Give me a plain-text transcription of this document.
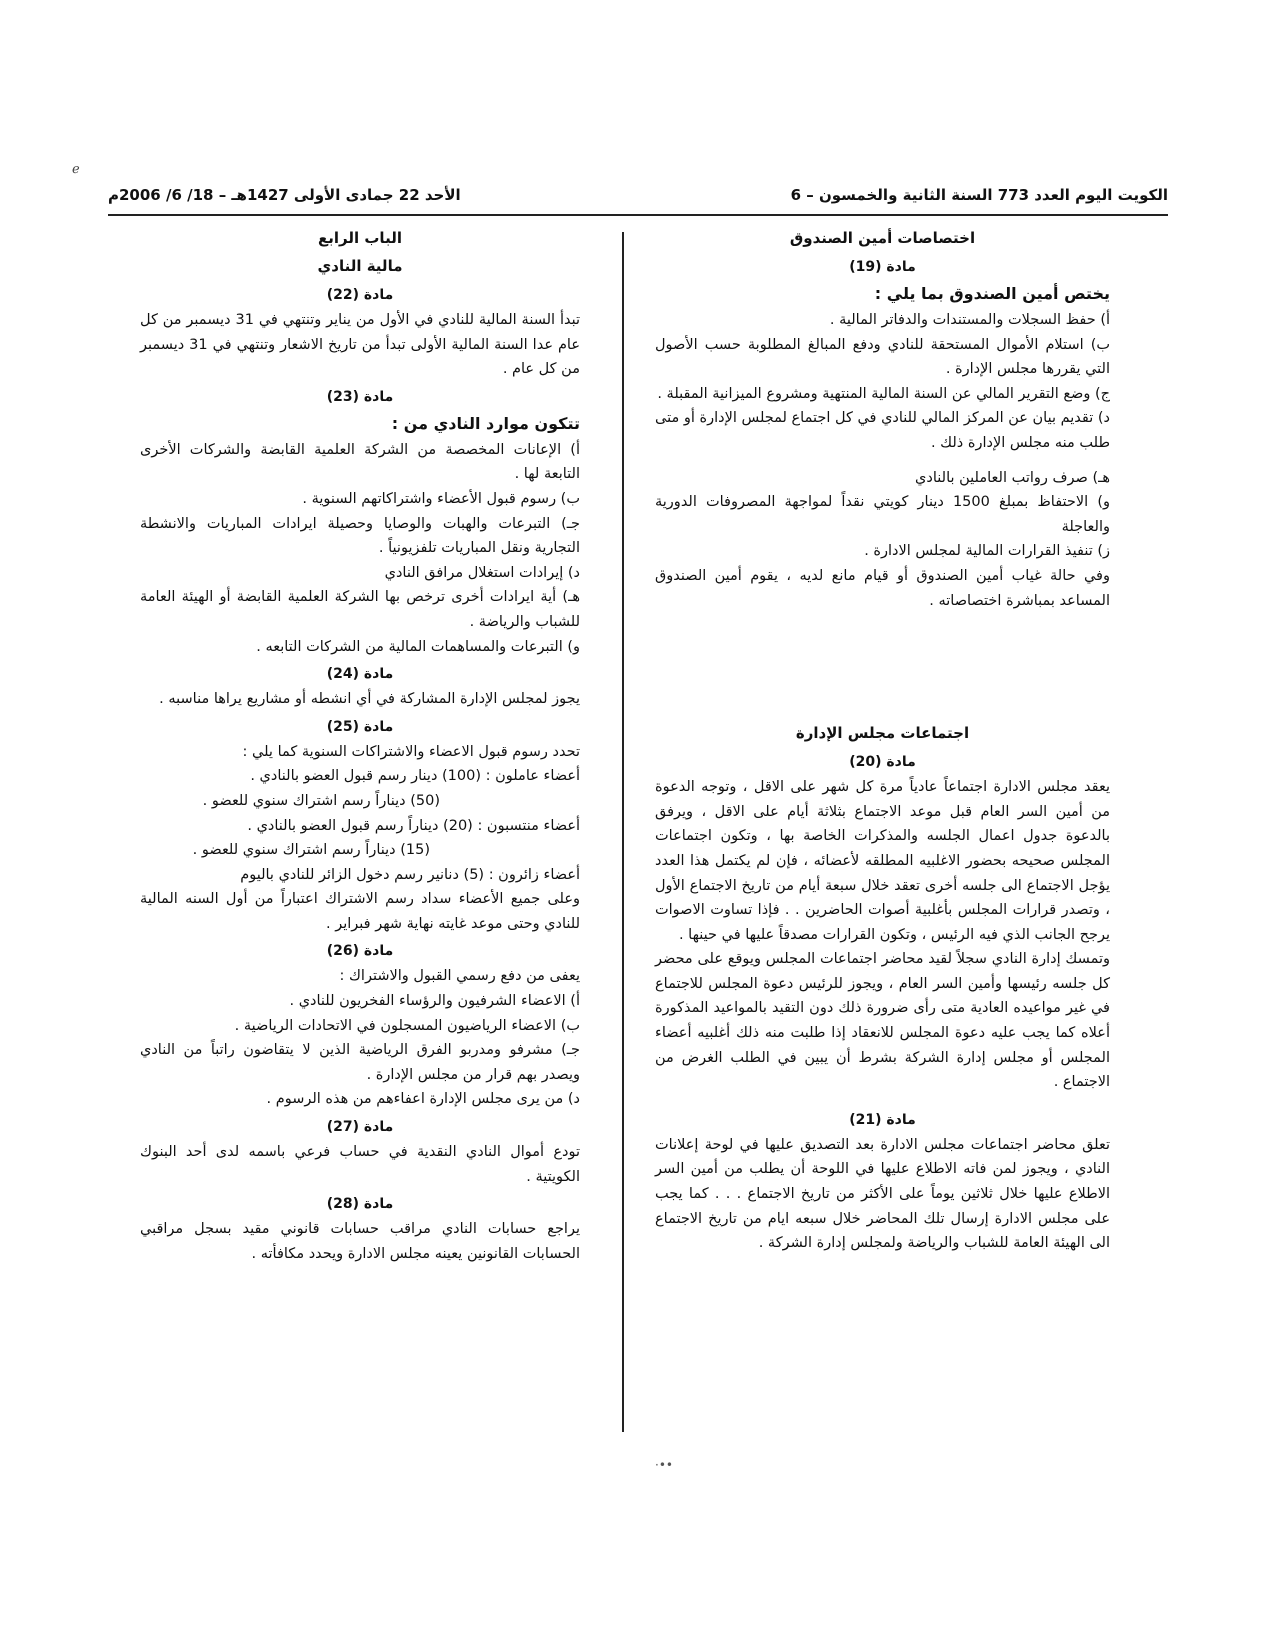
ℯ
الكويت اليوم العدد 773 السنة الثانية والخمسون – 6
الأحد 22 جمادى الأولى 1427هـ – 18/ 6/ 2006م

اختصاصات أمين الصندوق

مادة (19)

يختص أمين الصندوق بما يلي :

أ) حفظ السجلات والمستندات والدفاتر المالية .

ب) استلام الأموال المستحقة للنادي ودفع المبالغ المطلوبة حسب الأصول التي يقررها مجلس الإدارة .

ج) وضع التقرير المالي عن السنة المالية المنتهية ومشروع الميزانية المقبلة .

د) تقديم بيان عن المركز المالي للنادي في كل اجتماع لمجلس الإدارة أو متى طلب منه مجلس الإدارة ذلك .

هـ) صرف رواتب العاملين بالنادي

و) الاحتفاظ بمبلغ 1500 دينار كويتي نقداً لمواجهة المصروفات الدورية والعاجلة

ز) تنفيذ القرارات المالية لمجلس الادارة .

وفي حالة غياب أمين الصندوق أو قيام مانع لديه ، يقوم أمين الصندوق المساعد بمباشرة اختصاصاته .

اجتماعات مجلس الإدارة

مادة (20)

يعقد مجلس الادارة اجتماعاً عادياً مرة كل شهر على الاقل ، وتوجه الدعوة من أمين السر العام قبل موعد الاجتماع بثلاثة أيام على الاقل ، ويرفق بالدعوة جدول اعمال الجلسه والمذكرات الخاصة بها ، وتكون اجتماعات المجلس صحيحه بحضور الاغلبيه المطلقه لأعضائه ، فإن لم يكتمل هذا العدد يؤجل الاجتماع الى جلسه أخرى تعقد خلال سبعة أيام من تاريخ الاجتماع الأول ، وتصدر قرارات المجلس بأغلبية أصوات الحاضرين . . فإذا تساوت الاصوات يرجح الجانب الذي فيه الرئيس ، وتكون القرارات مصدقاً عليها في حينها .

وتمسك إدارة النادي سجلاً لقيد محاضر اجتماعات المجلس ويوقع على محضر كل جلسه رئيسها وأمين السر العام ، ويجوز للرئيس دعوة المجلس للاجتماع في غير مواعيده العادية متى رأى ضرورة ذلك دون التقيد بالمواعيد المذكورة أعلاه كما يجب عليه دعوة المجلس للانعقاد إذا طلبت منه ذلك أغلبيه أعضاء المجلس أو مجلس إدارة الشركة بشرط أن يبين في الطلب الغرض من الاجتماع .

مادة (21)

تعلق محاضر اجتماعات مجلس الادارة بعد التصديق عليها في لوحة إعلانات النادي ، ويجوز لمن فاته الاطلاع عليها في اللوحة أن يطلب من أمين السر الاطلاع عليها خلال ثلاثين يوماً على الأكثر من تاريخ الاجتماع . . . كما يجب على مجلس الادارة إرسال تلك المحاضر خلال سبعه ايام من تاريخ الاجتماع الى الهيئة العامة للشباب والرياضة ولمجلس إدارة الشركة .

الباب الرابع

مالية النادي

مادة (22)

تبدأ السنة المالية للنادي في الأول من يناير وتنتهي في 31 ديسمبر من كل عام عدا السنة المالية الأولى تبدأ من تاريخ الاشعار وتنتهي في 31 ديسمبر من كل عام .

مادة (23)

تتكون موارد النادي من :

أ) الإعانات المخصصة من الشركة العلمية القابضة والشركات الأخرى التابعة لها .

ب) رسوم قبول الأعضاء واشتراكاتهم السنوية .

جـ) التبرعات والهبات والوصايا وحصيلة ايرادات المباريات والانشطة التجارية ونقل المباريات تلفزيونياً .

د) إيرادات استغلال مرافق النادي

هـ) أية ايرادات أخرى ترخص بها الشركة العلمية القابضة أو الهيئة العامة للشباب والرياضة .

و) التبرعات والمساهمات المالية من الشركات التابعه .

مادة (24)

يجوز لمجلس الإدارة المشاركة في أي انشطه أو مشاريع يراها مناسبه .

مادة (25)

تحدد رسوم قبول الاعضاء والاشتراكات السنوية كما يلي :

أعضاء عاملون : (100) دينار رسم قبول العضو بالنادي .

(50) ديناراً رسم اشتراك سنوي للعضو .

أعضاء منتسبون : (20) ديناراً رسم قبول العضو بالنادي .

(15) ديناراً رسم اشتراك سنوي للعضو .

أعضاء زائرون : (5) دنانير رسم دخول الزائر للنادي باليوم

وعلى جميع الأعضاء سداد رسم الاشتراك اعتباراً من أول السنه المالية للنادي وحتى موعد غايته نهاية شهر فبراير .

مادة (26)

يعفى من دفع رسمي القبول والاشتراك :

أ) الاعضاء الشرفيون والرؤساء الفخريون للنادي .

ب) الاعضاء الرياضيون المسجلون في الاتحادات الرياضية .

جـ) مشرفو ومدربو الفرق الرياضية الذين لا يتقاضون راتباً من النادي ويصدر بهم قرار من مجلس الإدارة .

د) من يرى مجلس الإدارة اعفاءهم من هذه الرسوم .

مادة (27)

تودع أموال النادي النقدية في حساب فرعي باسمه لدى أحد البنوك الكويتية .

مادة (28)

يراجع حسابات النادي مراقب حسابات قانوني مقيد بسجل مراقبي الحسابات القانونين يعينه مجلس الادارة ويحدد مكافأته .

••·
